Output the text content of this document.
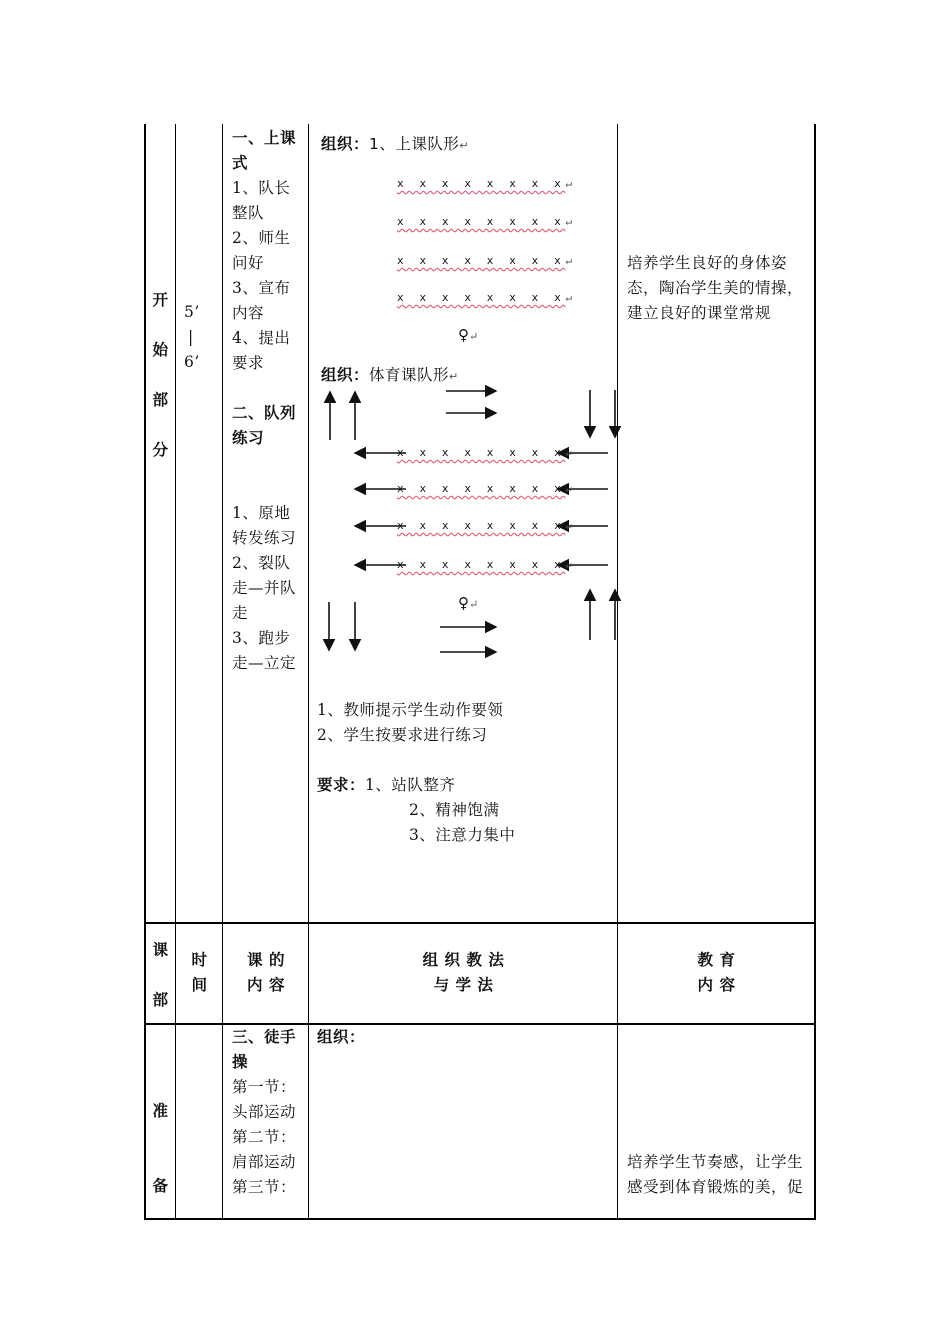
开
始
部
分
5’
|
6’
一、上课式
1、队长整队
2、师生问好
3、宣布内容
4、提出要求
二、队列练习
1、原地转发练习
2、裂队走—并队走
3、跑步走—立定
组织：1、上课队形↵
x x x x x x x x↵
x x x x x x x x↵
x x x x x x x x↵
x x x x x x x x↵
♀↵
组织：体育课队形↵
x x x x x x x x↵
x x x x x x x x↵
x x x x x x x x↵
x x x x x x x x↵
♀↵
1、教师提示学生动作要领
2、学生按要求进行练习
要求：1、站队整齐
2、精神饱满
3、注意力集中
培养学生良好的身体姿态，陶冶学生美的情操，建立良好的课堂常规
课
部
时
间
课 的
内 容
组 织 教 法
与 学 法
教 育
内 容
准
备
三、徒手操
第一节：头部运动
第二节：肩部运动
第三节：
组织：
培养学生节奏感，让学生感受到体育锻炼的美，促
